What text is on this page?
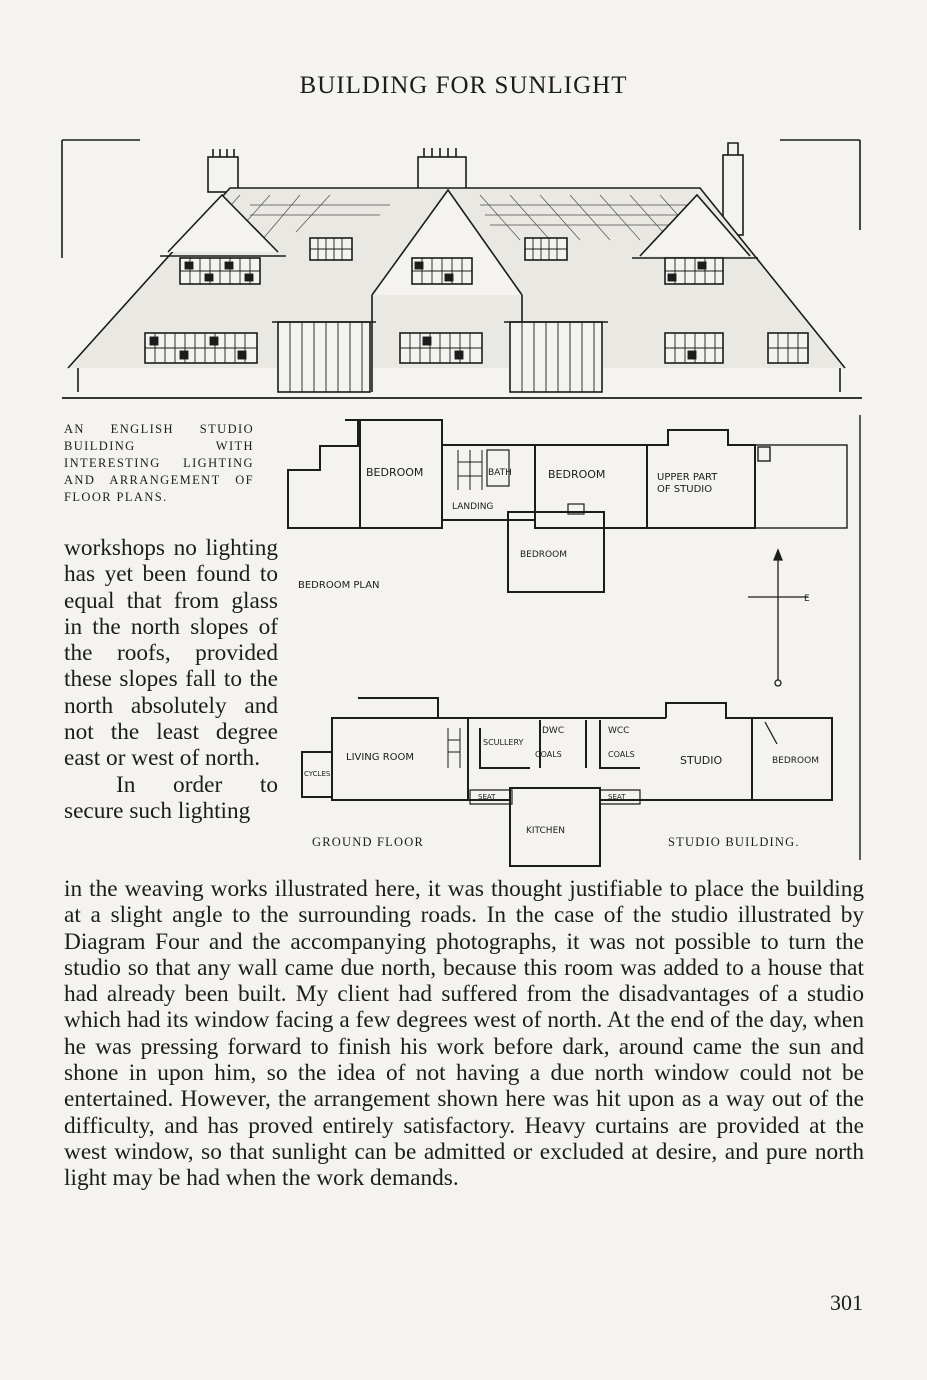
BUILDING FOR SUNLIGHT
E
BEDROOM	BATH	BEDROOM	UPPER PART
OF STUDIO
LANDING
BEDROOM
BEDROOM PLAN
LIVING ROOM
SCULLERY
DWC
COALS
WCC
COALS	STUDIO	BEDROOM
CYCLES
SEAT	SEAT
KITCHEN
GROUND FLOOR	STUDIO BUILDING.
AN ENGLISH STUDIO BUILDING WITH INTERESTING LIGHTING AND ARRANGEMENT OF FLOOR PLANS.

workshops no lighting has yet been found to equal that from glass in the north slopes of the roofs, provided these slopes fall to the north absolutely and not the least degree east or west of north.

In order to secure such lighting

in the weaving works illustrated here, it was thought justifiable to place the building at a slight angle to the surrounding roads. In the case of the studio illustrated by Diagram Four and the accompanying photographs, it was not possible to turn the studio so that any wall came due north, because this room was added to a house that had already been built. My client had suffered from the disadvantages of a studio which had its window facing a few degrees west of north. At the end of the day, when he was pressing forward to finish his work before dark, around came the sun and shone in upon him, so the idea of not having a due north window could not be entertained. However, the arrangement shown here was hit upon as a way out of the difficulty, and has proved entirely satisfactory. Heavy curtains are provided at the west window, so that sunlight can be admitted or excluded at desire, and pure north light may be had when the work demands.

301
